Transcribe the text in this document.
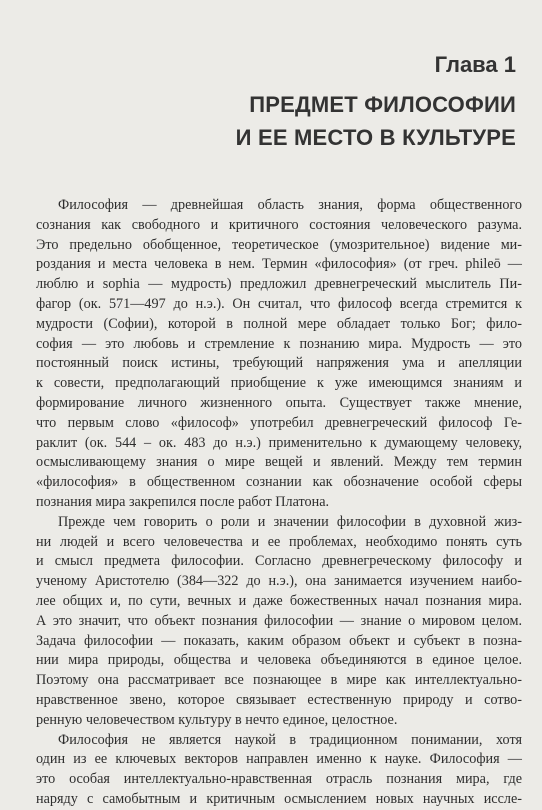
Глава 1
ПРЕДМЕТ ФИЛОСОФИИ
И ЕЕ МЕСТО В КУЛЬТУРЕ
Философия — древнейшая область знания, форма общественного
сознания как свободного и критичного состояния человеческого разума.
Это предельно обобщенное, теоретическое (умозрительное) видение ми-
роздания и места человека в нем. Термин «философия» (от греч. phileō —
люблю и sophia — мудрость) предложил древнегреческий мыслитель Пи-
фагор (ок. 571—497 до н.э.). Он считал, что философ всегда стремится к
мудрости (Софии), которой в полной мере обладает только Бог; фило-
софия — это любовь и стремление к познанию мира. Мудрость — это
постоянный поиск истины, требующий напряжения ума и апелляции
к совести, предполагающий приобщение к уже имеющимся знаниям и
формирование личного жизненного опыта. Существует также мнение,
что первым слово «философ» употребил древнегреческий философ Ге-
раклит (ок. 544 – ок. 483 до н.э.) применительно к думающему человеку,
осмысливающему знания о мире вещей и явлений. Между тем термин
«философия» в общественном сознании как обозначение особой сферы
познания мира закрепился после работ Платона.
Прежде чем говорить о роли и значении философии в духовной жиз-
ни людей и всего человечества и ее проблемах, необходимо понять суть
и смысл предмета философии. Согласно древнегреческому философу и
ученому Аристотелю (384—322 до н.э.), она занимается изучением наибо-
лее общих и, по сути, вечных и даже божественных начал познания мира.
А это значит, что объект познания философии — знание о мировом целом.
Задача философии — показать, каким образом объект и субъект в позна-
нии мира природы, общества и человека объединяются в единое целое.
Поэтому она рассматривает все познающее в мире как интеллектуально-
нравственное звено, которое связывает естественную природу и сотво-
ренную человечеством культуру в нечто единое, целостное.
Философия не является наукой в традиционном понимании, хотя
один из ее ключевых векторов направлен именно к науке. Философия —
это особая интеллектуально-нравственная отрасль познания мира, где
наряду с самобытным и критичным осмыслением новых научных иссле-
